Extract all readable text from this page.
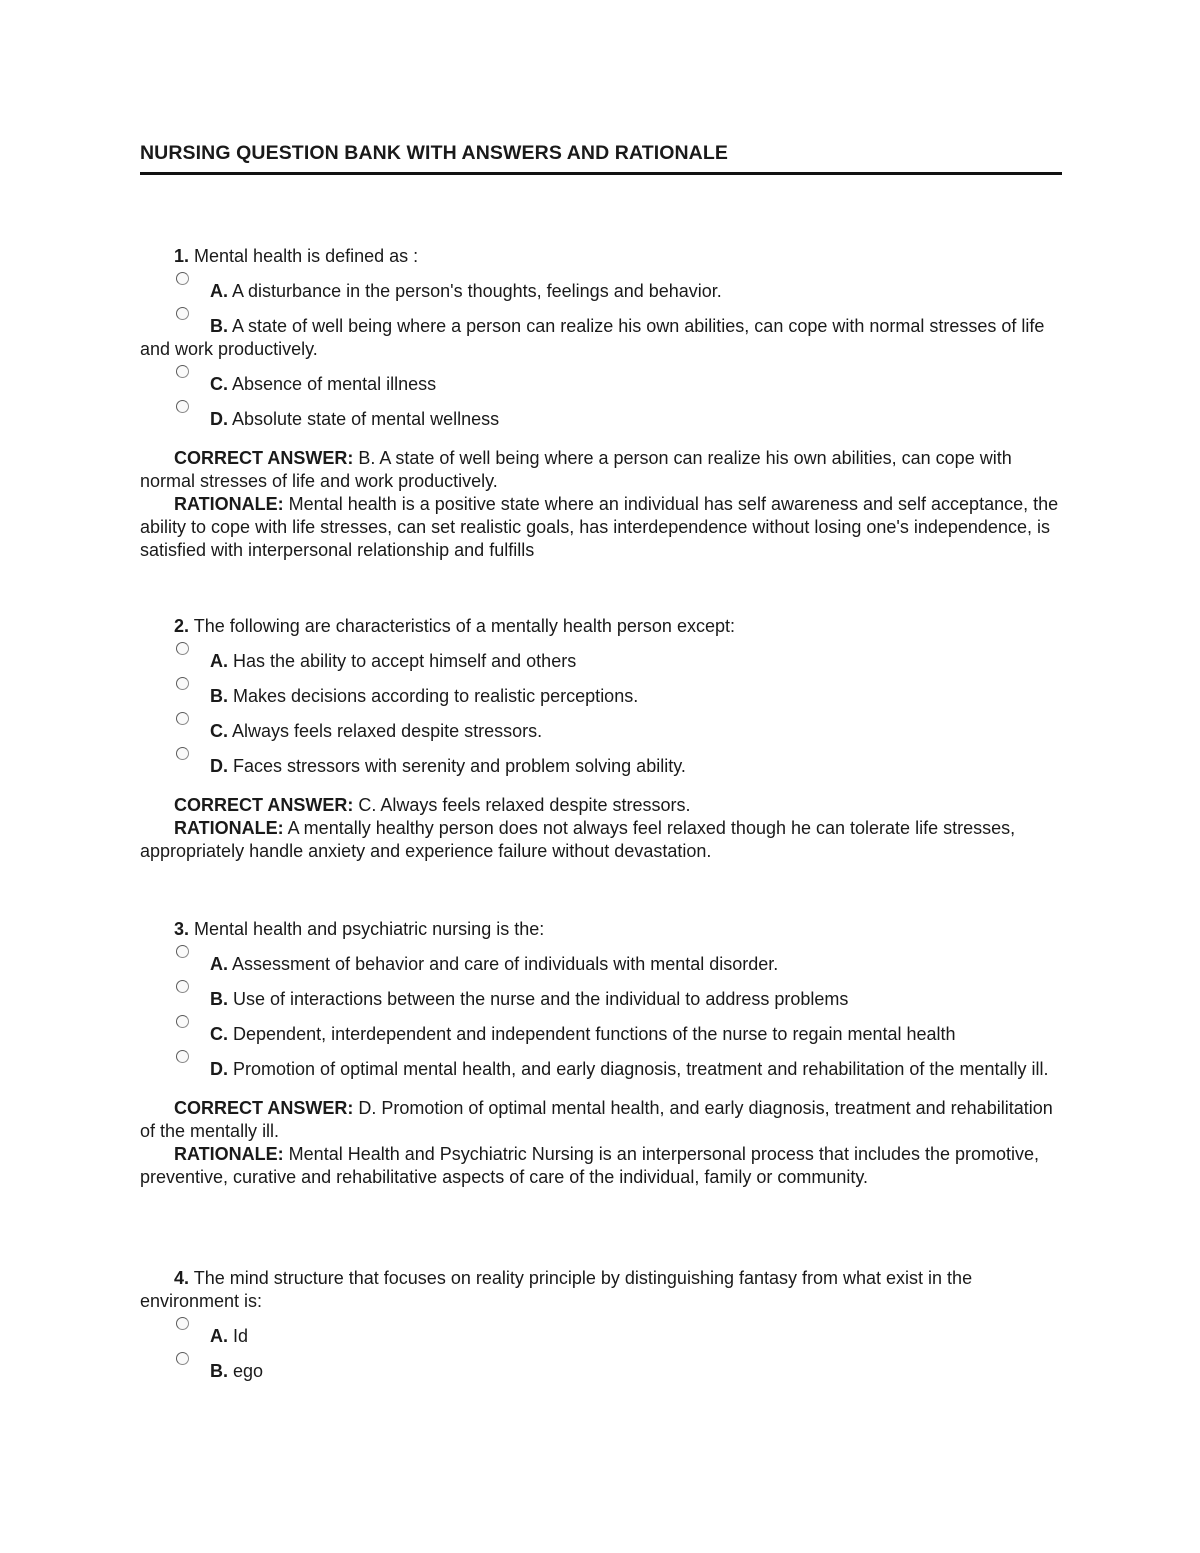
NURSING QUESTION BANK WITH ANSWERS AND RATIONALE

1. Mental health is defined as :

A. A disturbance in the person's thoughts, feelings and behavior.

B. A state of well being where a person can realize his own abilities, can cope with normal stresses of life and work productively.

C. Absence of mental illness

D. Absolute state of mental wellness

CORRECT ANSWER: B. A state of well being where a person can realize his own abilities, can cope with normal stresses of life and work productively.

RATIONALE: Mental health is a positive state where an individual has self awareness and self acceptance, the ability to cope with life stresses, can set realistic goals, has interdependence without losing one's independence, is satisfied with interpersonal relationship and fulfills

2. The following are characteristics of a mentally health person except:

A. Has the ability to accept himself and others

B. Makes decisions according to realistic perceptions.

C. Always feels relaxed despite stressors.

D. Faces stressors with serenity and problem solving ability.

CORRECT ANSWER: C. Always feels relaxed despite stressors.

RATIONALE: A mentally healthy person does not always feel relaxed though he can tolerate life stresses, appropriately handle anxiety and experience failure without devastation.

3. Mental health and psychiatric nursing is the:

A. Assessment of behavior and care of individuals with mental disorder.

B. Use of interactions between the nurse and the individual to address problems

C. Dependent, interdependent and independent functions of the nurse to regain mental health

D. Promotion of optimal mental health, and early diagnosis, treatment and rehabilitation of the mentally ill.

CORRECT ANSWER: D. Promotion of optimal mental health, and early diagnosis, treatment and rehabilitation of the mentally ill.

RATIONALE: Mental Health and Psychiatric Nursing is an interpersonal process that includes the promotive, preventive, curative and rehabilitative aspects of care of the individual, family or community.

4. The mind structure that focuses on reality principle by distinguishing fantasy from what exist in the environment is:

A. Id

B. ego
